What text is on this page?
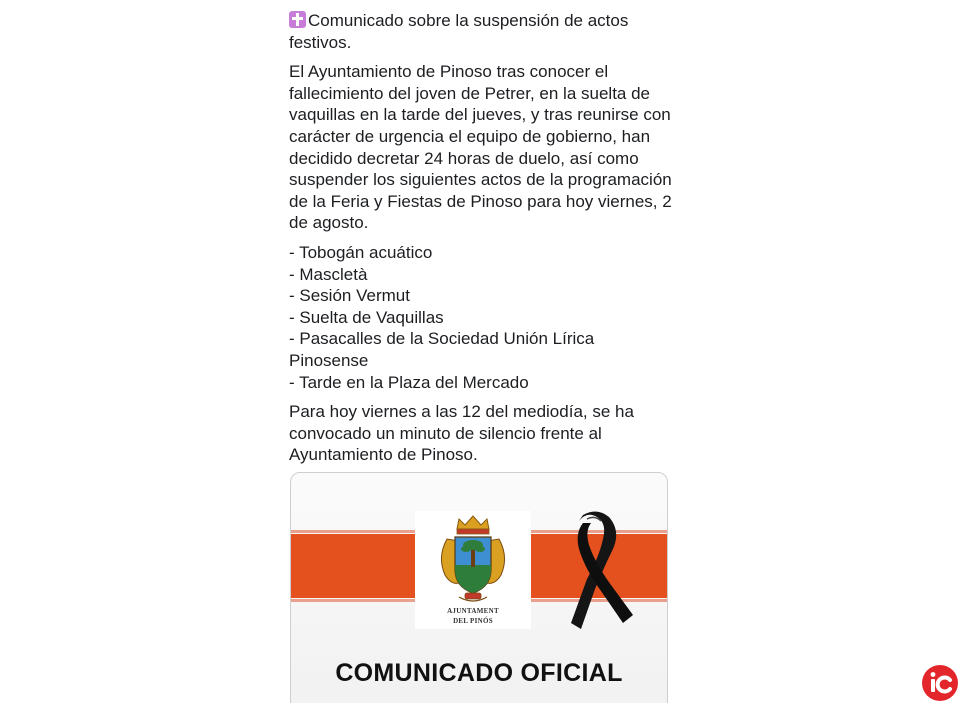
Comunicado sobre la suspensión de actos festivos.

El Ayuntamiento de Pinoso tras conocer el fallecimiento del joven de Petrer, en la suelta de vaquillas en la tarde del jueves, y tras reunirse con carácter de urgencia el equipo de gobierno, han decidido decretar 24 horas de duelo, así como suspender los siguientes actos de la programación de la Feria y Fiestas de Pinoso para hoy viernes, 2 de agosto.

- Tobogán acuático
- Mascletà
- Sesión Vermut
- Suelta de Vaquillas
- Pasacalles de la Sociedad Unión Lírica Pinosense
- Tarde en la Plaza del Mercado

Para hoy viernes a las 12 del mediodía, se ha convocado un minuto de silencio frente al Ayuntamiento de Pinoso.

AJUNTAMENT
DEL PINÓS
COMUNICADO OFICIAL
